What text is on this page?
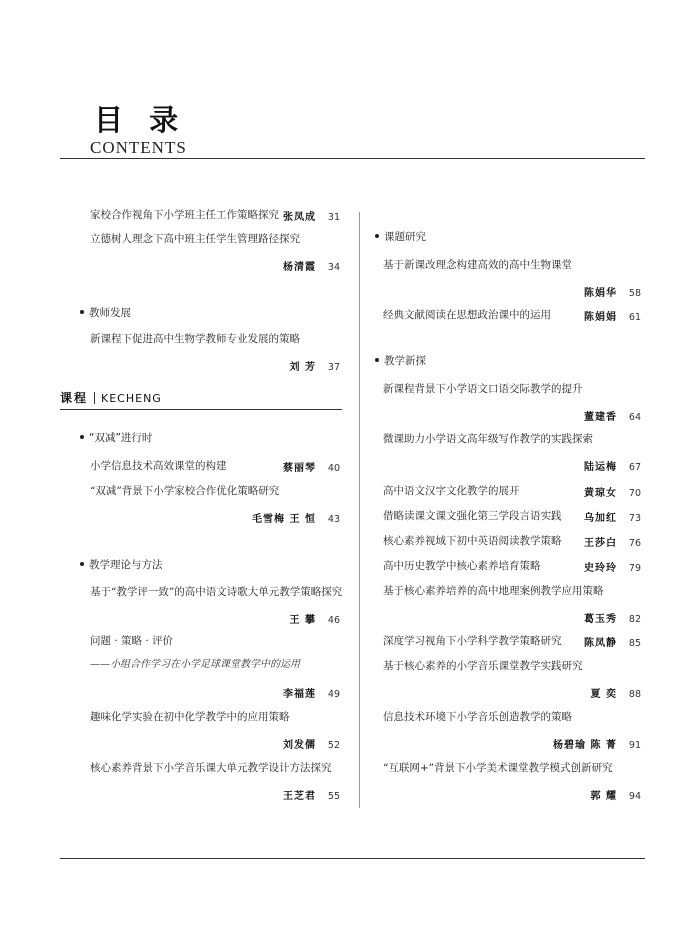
目 录
CONTENTS
家校合作视角下小学班主任工作策略探究 张凤成 31
立德树人理念下高中班主任学生管理路径探究
杨清霞 34
教师发展
新课程下促进高中生物学教师专业发展的策略
刘 芳 37
课程 KECHENG
“双减”进行时
小学信息技术高效课堂的构建	蔡丽琴 40
“双减”背景下小学家校合作优化策略研究
毛雪梅 王 恒 43
教学理论与方法
基于“教学评一致”的高中语文诗歌大单元教学策略探究
王 攀 46
问题 · 策略 · 评价
——小组合作学习在小学足球课堂教学中的运用
李福莲 49
趣味化学实验在初中化学教学中的应用策略
刘发儒 52
核心素养背景下小学音乐课大单元教学设计方法探究
王芝君 55
课题研究
基于新课改理念构建高效的高中生物课堂
陈娟华 58
经典文献阅读在思想政治课中的运用	陈娟娟 61
教学新探
新课程背景下小学语文口语交际教学的提升
董建香 64
微课助力小学语文高年级写作教学的实践探索
陆运梅 67
高中语文汉字文化教学的展开	黄琼女 70
借略读课文课文强化第三学段言语实践	乌加红 73
核心素养视域下初中英语阅读教学策略	王莎白 76
高中历史教学中核心素养培育策略	史玲玲 79
基于核心素养培养的高中地理案例教学应用策略
葛玉秀 82
深度学习视角下小学科学教学策略研究	陈凤静 85
基于核心素养的小学音乐课堂教学实践研究
夏 奕 88
信息技术环境下小学音乐创造教学的策略
杨碧瑜 陈 菁 91
“互联网+”背景下小学美术课堂教学模式创新研究
郭 耀 94
